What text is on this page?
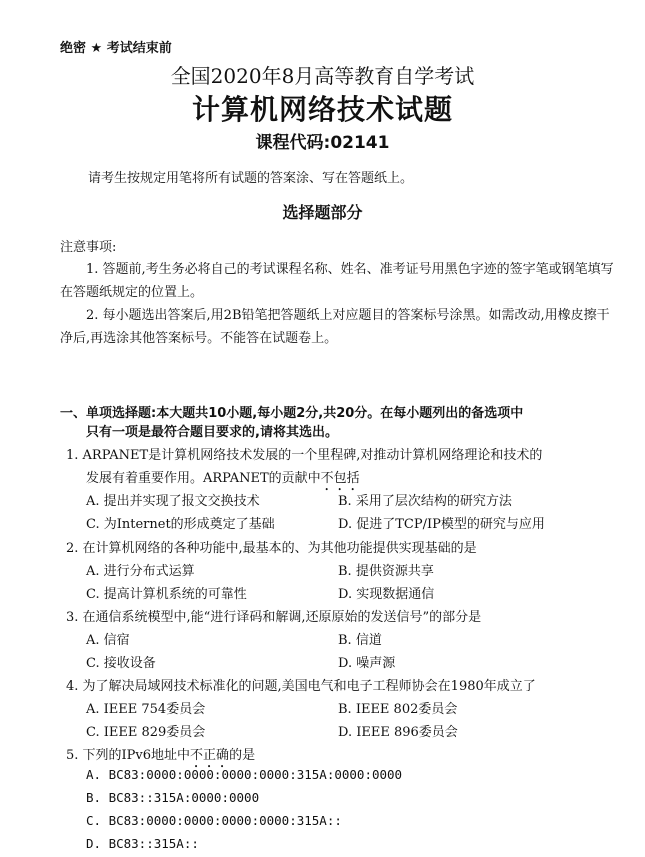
绝密 ★ 考试结束前
全国2020年8月高等教育自学考试
计算机网络技术试题
课程代码:02141
请考生按规定用笔将所有试题的答案涂、写在答题纸上。
选择题部分
注意事项:
1. 答题前,考生务必将自己的考试课程名称、姓名、准考证号用黑色字迹的签字笔或钢笔填写在答题纸规定的位置上。
2. 每小题选出答案后,用2B铅笔把答题纸上对应题目的答案标号涂黑。如需改动,用橡皮擦干净后,再选涂其他答案标号。不能答在试题卷上。
一、单项选择题:本大题共10小题,每小题2分,共20分。在每小题列出的备选项中
只有一项是最符合题目要求的,请将其选出。
1. ARPANET是计算机网络技术发展的一个里程碑,对推动计算机网络理论和技术的
发展有着重要作用。ARPANET的贡献中不包括
A. 提出并实现了报文交换技术	B. 采用了层次结构的研究方法
C. 为Internet的形成奠定了基础	D. 促进了TCP/IP模型的研究与应用
2. 在计算机网络的各种功能中,最基本的、为其他功能提供实现基础的是
A. 进行分布式运算	B. 提供资源共享
C. 提高计算机系统的可靠性	D. 实现数据通信
3. 在通信系统模型中,能“进行译码和解调,还原原始的发送信号”的部分是
A. 信宿	B. 信道
C. 接收设备	D. 噪声源
4. 为了解决局域网技术标准化的问题,美国电气和电子工程师协会在1980年成立了
A. IEEE 754委员会	B. IEEE 802委员会
C. IEEE 829委员会	D. IEEE 896委员会
5. 下列的IPv6地址中不正确的是
A. BC83:0000:0000:0000:0000:315A:0000:0000
B. BC83::315A:0000:0000
C. BC83:0000:0000:0000:0000:315A::
D. BC83::315A::
